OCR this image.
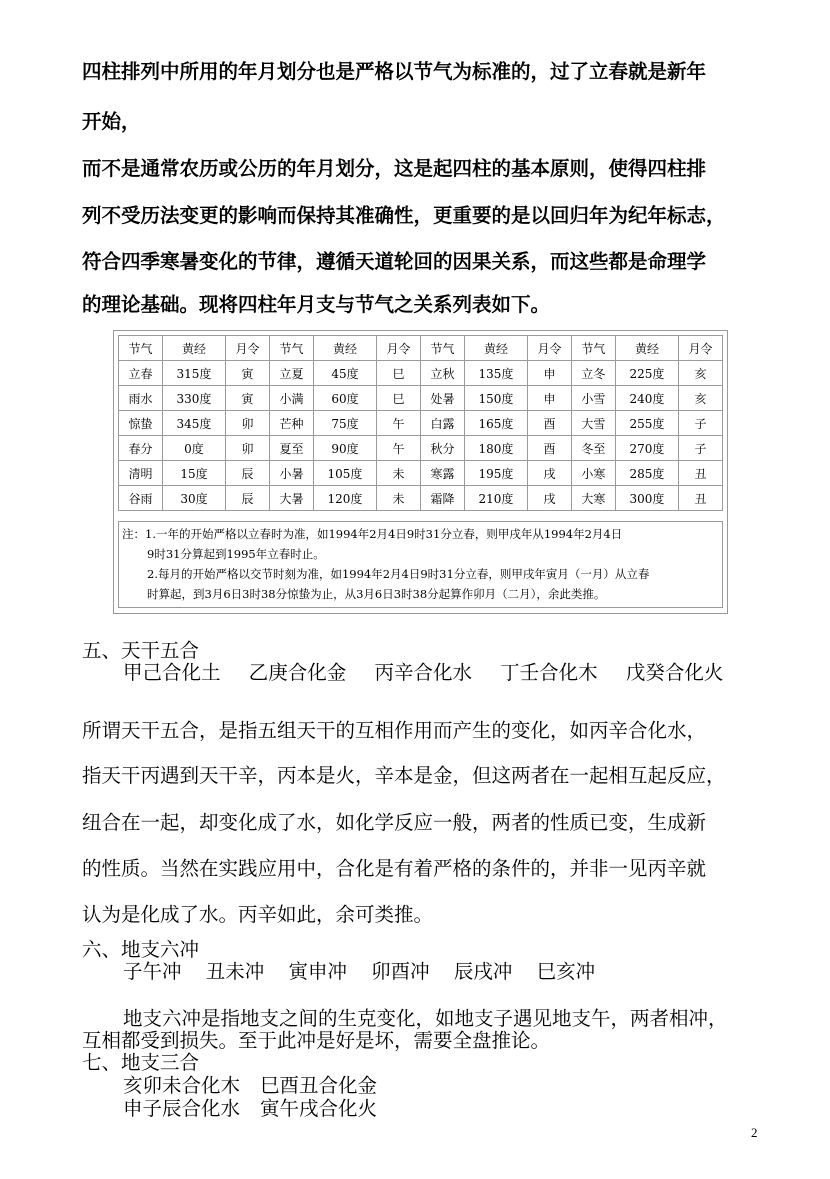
四柱排列中所用的年月划分也是严格以节气为标准的，过了立春就是新年
开始，
而不是通常农历或公历的年月划分，这是起四柱的基本原则，使得四柱排
列不受历法变更的影响而保持其准确性，更重要的是以回归年为纪年标志，
符合四季寒暑变化的节律，遵循天道轮回的因果关系，而这些都是命理学
的理论基础。现将四柱年月支与节气之关系列表如下。
节气	黄经	月令	节气	黄经	月令	节气	黄经	月令	节气	黄经	月令
立春	315度	寅	立夏	45度	巳	立秋	135度	申	立冬	225度	亥
雨水	330度	寅	小满	60度	巳	处暑	150度	申	小雪	240度	亥
惊蛰	345度	卯	芒种	75度	午	白露	165度	酉	大雪	255度	子
春分	0度	卯	夏至	90度	午	秋分	180度	酉	冬至	270度	子
清明	15度	辰	小暑	105度	未	寒露	195度	戌	小寒	285度	丑
谷雨	30度	辰	大暑	120度	未	霜降	210度	戌	大寒	300度	丑
注：1.一年的开始严格以立春时为准，如1994年2月4日9时31分立春，则甲戌年从1994年2月4日
9时31分算起到1995年立春时止。
2.每月的开始严格以交节时刻为准，如1994年2月4日9时31分立春，则甲戌年寅月（一月）从立春
时算起，到3月6日3时38分惊蛰为止，从3月6日3时38分起算作卯月（二月），余此类推。
五、天干五合
甲己合化土 乙庚合化金 丙辛合化水 丁壬合化木 戊癸合化火
所谓天干五合，是指五组天干的互相作用而产生的变化，如丙辛合化水，
指天干丙遇到天干辛，丙本是火，辛本是金，但这两者在一起相互起反应，
纽合在一起，却变化成了水，如化学反应一般，两者的性质已变，生成新
的性质。当然在实践应用中，合化是有着严格的条件的，并非一见丙辛就
认为是化成了水。丙辛如此，余可类推。
六、地支六冲
子午冲 丑未冲 寅申冲 卯酉冲 辰戌冲 巳亥冲
地支六冲是指地支之间的生克变化，如地支子遇见地支午，两者相冲，
互相都受到损失。至于此冲是好是坏，需要全盘推论。
七、地支三合
亥卯未合化木 巳酉丑合化金
申子辰合化水 寅午戌合化火
2
